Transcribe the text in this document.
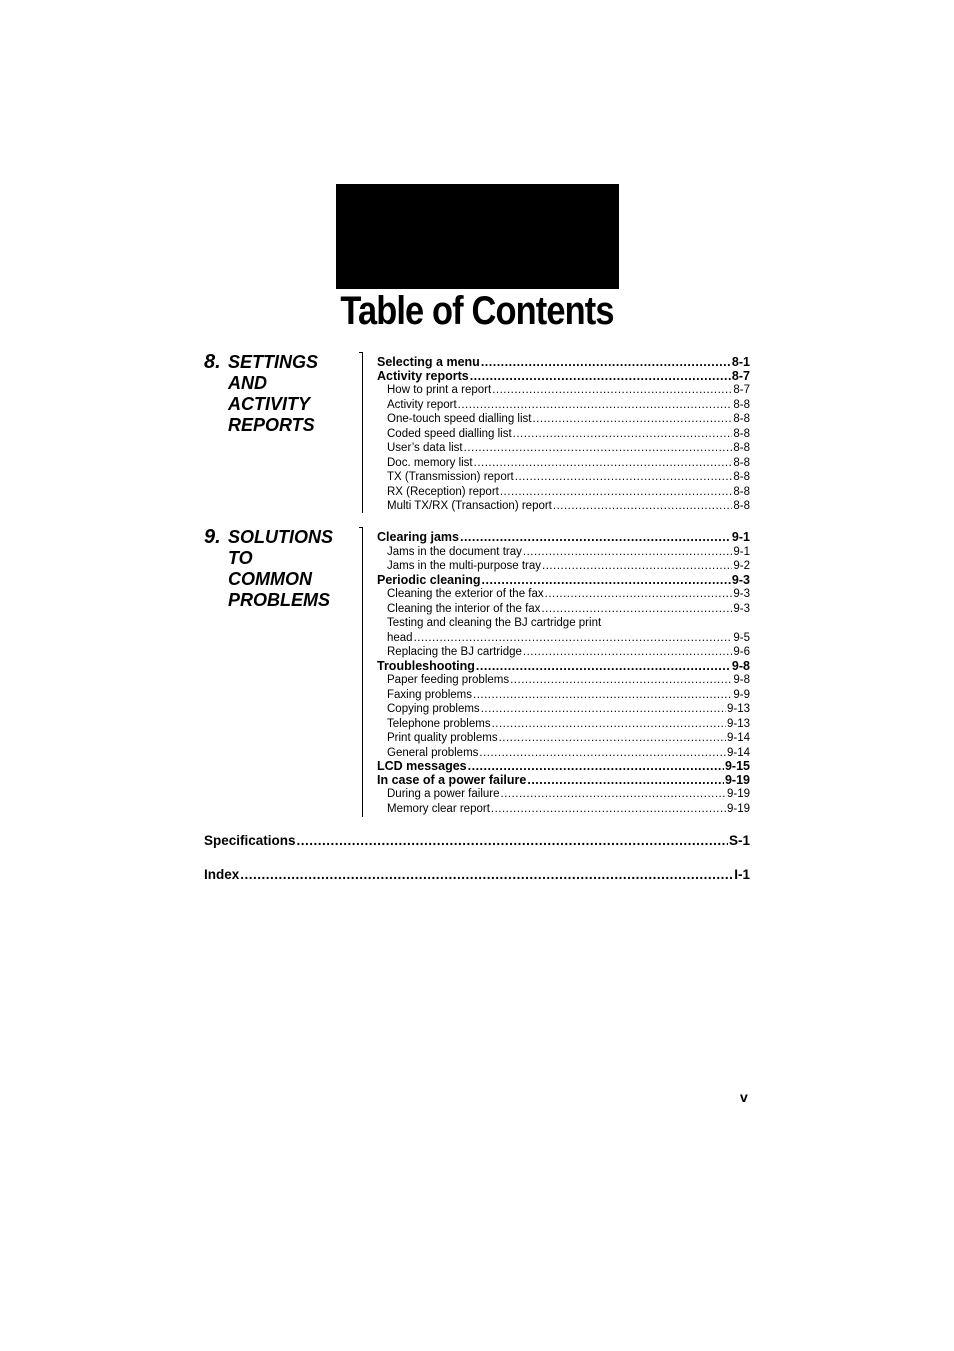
Table of Contents
8. SETTINGS AND
ACTIVITY
REPORTS
Selecting a menu .....	8-1
Activity reports .....	8-7
How to print a report .....	8-7
Activity report .....	8-8
One-touch speed dialling list .....	8-8
Coded speed dialling list .....	8-8
User’s data list .....	8-8
Doc. memory list .....	8-8
TX (Transmission) report .....	8-8
RX (Reception) report .....	8-8
Multi TX/RX (Transaction) report .....	8-8
9. SOLUTIONS TO
COMMON
PROBLEMS
Clearing jams .....	9-1
Jams in the document tray .....	9-1
Jams in the multi-purpose tray .....	9-2
Periodic cleaning .....	9-3
Cleaning the exterior of the fax .....	9-3
Cleaning the interior of the fax .....	9-3
Testing and cleaning the BJ cartridge print
head .....	9-5
Replacing the BJ cartridge .....	9-6
Troubleshooting .....	9-8
Paper feeding problems .....	9-8
Faxing problems .....	9-9
Copying problems .....	9-13
Telephone problems .....	9-13
Print quality problems .....	9-14
General problems .....	9-14
LCD messages .....	9-15
In case of a power failure .....	9-19
During a power failure .....	9-19
Memory clear report .....	9-19
Specifications .....	S-1
Index .....	I-1
v
